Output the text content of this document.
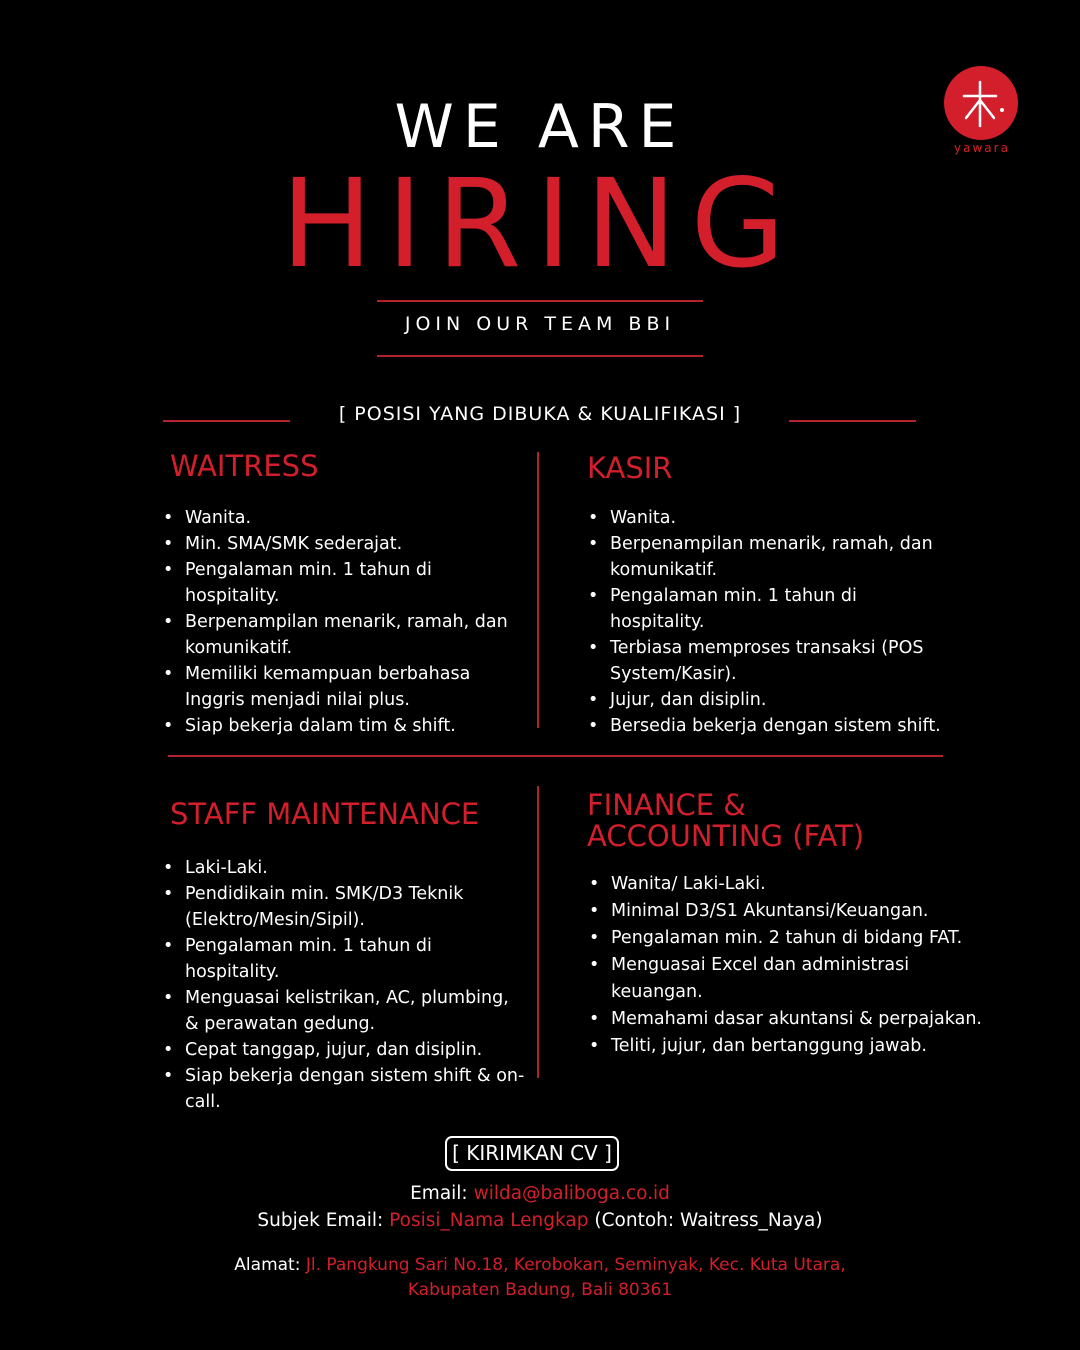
yawara
WE ARE
HIRING
JOIN OUR TEAM BBI
[ POSISI YANG DIBUKA & KUALIFIKASI ]
WAITRESS
• Wanita.
• Min. SMA/SMK sederajat.
• Pengalaman min. 1 tahun di hospitality.
• Berpenampilan menarik, ramah, dan komunikatif.
• Memiliki kemampuan berbahasa Inggris menjadi nilai plus.
• Siap bekerja dalam tim & shift.
KASIR
• Wanita.
• Berpenampilan menarik, ramah, dan komunikatif.
• Pengalaman min. 1 tahun di hospitality.
• Terbiasa memproses transaksi (POS System/Kasir).
• Jujur, dan disiplin.
• Bersedia bekerja dengan sistem shift.
STAFF MAINTENANCE
• Laki-Laki.
• Pendidikain min. SMK/D3 Teknik (Elektro/Mesin/Sipil).
• Pengalaman min. 1 tahun di hospitality.
• Menguasai kelistrikan, AC, plumbing, & perawatan gedung.
• Cepat tanggap, jujur, dan disiplin.
• Siap bekerja dengan sistem shift & on-call.
FINANCE &
ACCOUNTING (FAT)
• Wanita/ Laki-Laki.
• Minimal D3/S1 Akuntansi/Keuangan.
• Pengalaman min. 2 tahun di bidang FAT.
• Menguasai Excel dan administrasi keuangan.
• Memahami dasar akuntansi & perpajakan.
• Teliti, jujur, dan bertanggung jawab.
[ KIRIMKAN CV ]
Email: wilda@baliboga.co.id
Subjek Email: Posisi_Nama Lengkap (Contoh: Waitress_Naya)
Alamat: Jl. Pangkung Sari No.18, Kerobokan, Seminyak, Kec. Kuta Utara,
Kabupaten Badung, Bali 80361
